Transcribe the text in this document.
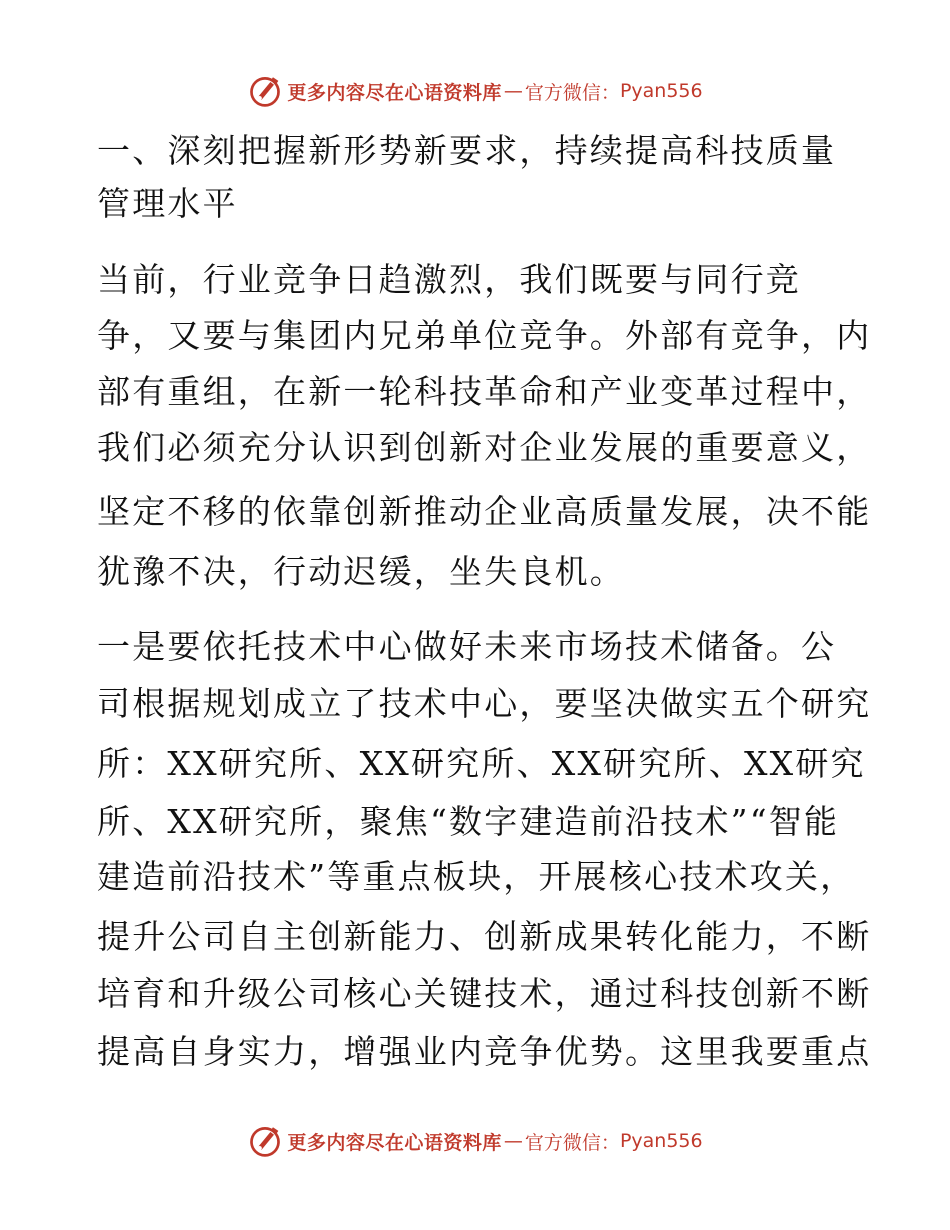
更多内容尽在心语资料库 — 官方微信： Pyan556
一、深刻把握新形势新要求，持续提高科技质量
管理水平
当前，行业竞争日趋激烈，我们既要与同行竞
争，又要与集团内兄弟单位竞争。外部有竞争，内
部有重组，在新一轮科技革命和产业变革过程中，
我们必须充分认识到创新对企业发展的重要意义，
坚定不移的依靠创新推动企业高质量发展，决不能
犹豫不决，行动迟缓，坐失良机。
一是要依托技术中心做好未来市场技术储备。公
司根据规划成立了技术中心，要坚决做实五个研究
所：XX研究所、XX研究所、XX研究所、XX研究
所、XX研究所，聚焦“数字建造前沿技术”“智能
建造前沿技术”等重点板块，开展核心技术攻关，
提升公司自主创新能力、创新成果转化能力，不断
培育和升级公司核心关键技术，通过科技创新不断
提高自身实力，增强业内竞争优势。这里我要重点
更多内容尽在心语资料库 — 官方微信： Pyan556
